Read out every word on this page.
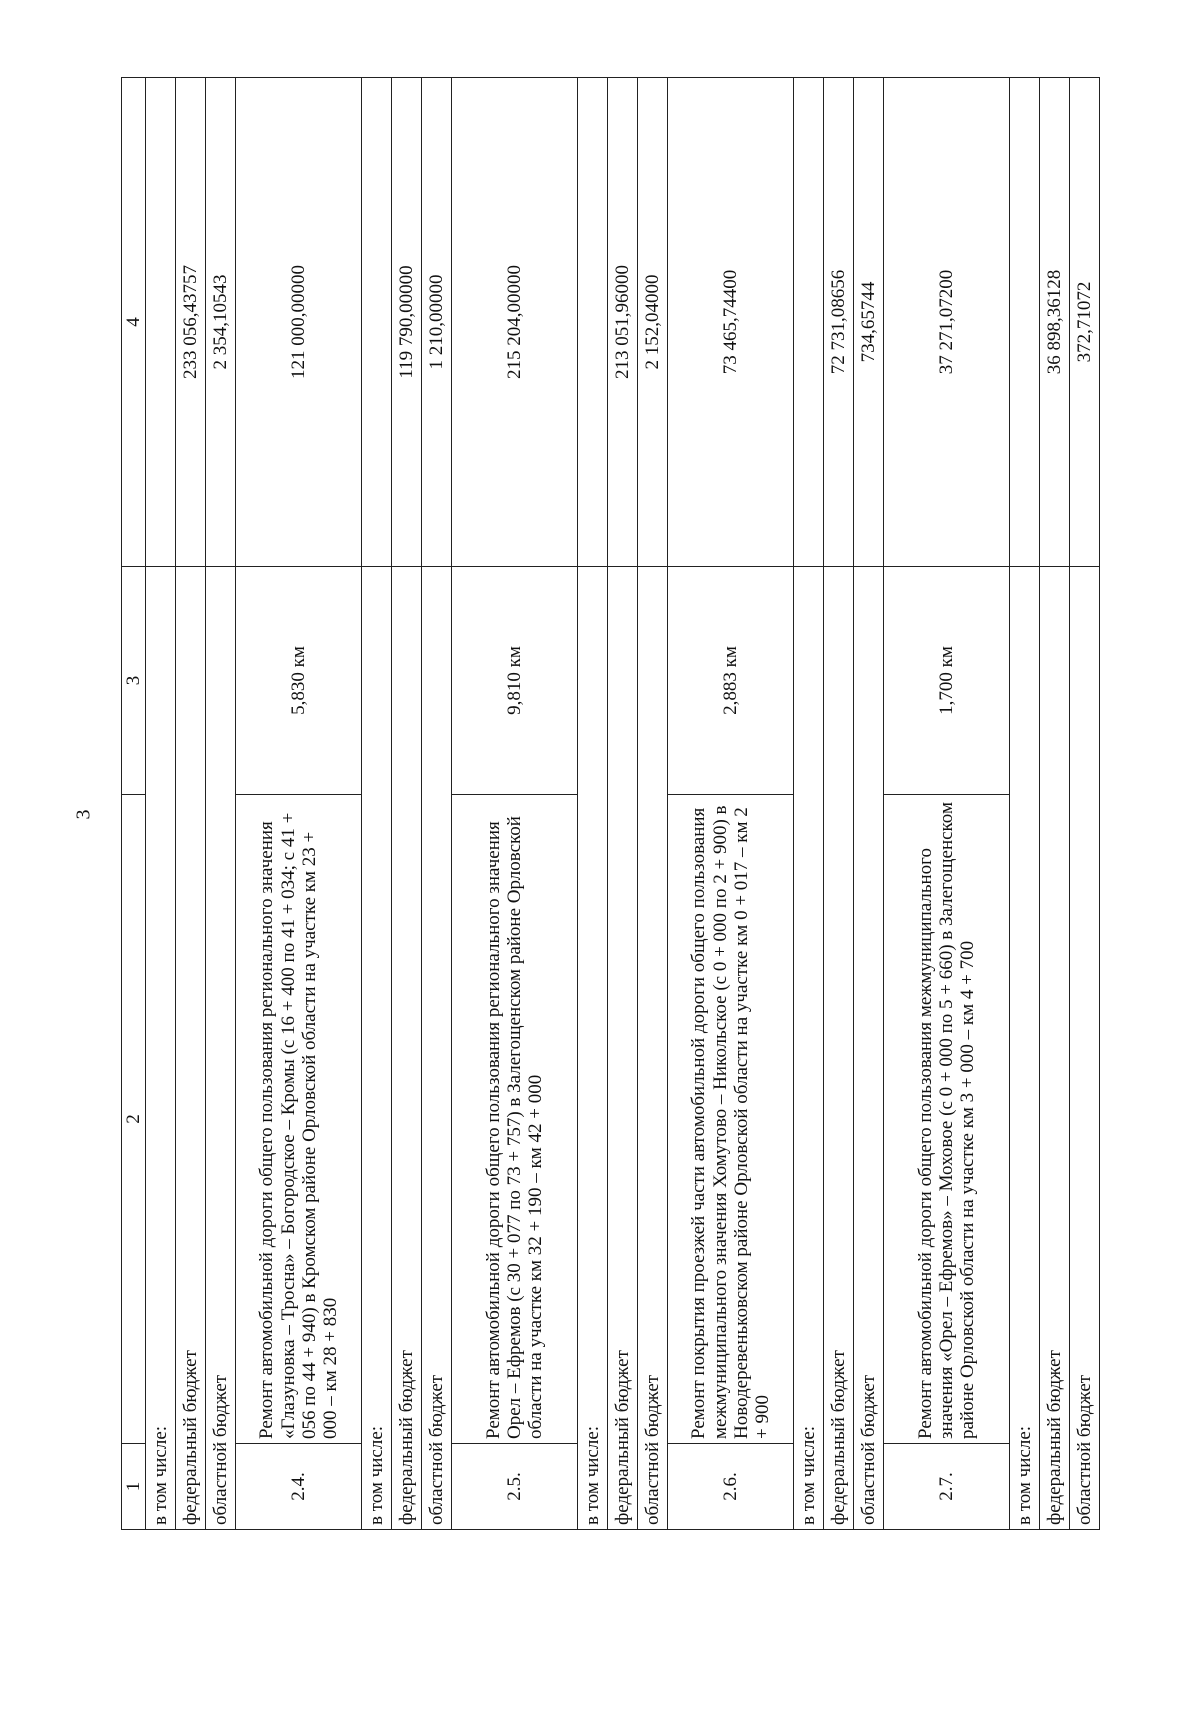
3
1	2	3	4
в том числе:			
федеральный бюджет			233 056,43757
областной бюджет			2 354,10543
2.4.	Ремонт автомобильной дороги общего пользования регионального значения «Глазуновка – Тросна» – Богородское – Кромы (с 16 + 400 по 41 + 034; с 41 + 056 по 44 + 940) в Кромском районе Орловской области на участке км 23 + 000 – км 28 + 830	5,830 км	121 000,00000
в том числе:			
федеральный бюджет			119 790,00000
областной бюджет			1 210,00000
2.5.	Ремонт автомобильной дороги общего пользования регионального значения Орел – Ефремов (с 30 + 077 по 73 + 757) в Залегощенском районе Орловской области на участке км 32 + 190 – км 42 + 000	9,810 км	215 204,00000
в том числе:			
федеральный бюджет			213 051,96000
областной бюджет			2 152,04000
2.6.	Ремонт покрытия проезжей части автомобильной дороги общего пользования межмуниципального значения Хомутово – Никольское (с 0 + 000 по 2 + 900) в Новодеревеньковском районе Орловской области на участке км 0 + 017 – км 2 + 900	2,883 км	73 465,74400
в том числе:			
федеральный бюджет			72 731,08656
областной бюджет			734,65744
2.7.	Ремонт автомобильной дороги общего пользования межмуниципального значения «Орел – Ефремов» – Моховое (с 0 + 000 по 5 + 660) в Залегощенском районе Орловской области на участке км 3 + 000 – км 4 + 700	1,700 км	37 271,07200
в том числе:			
федеральный бюджет			36 898,36128
областной бюджет			372,71072
